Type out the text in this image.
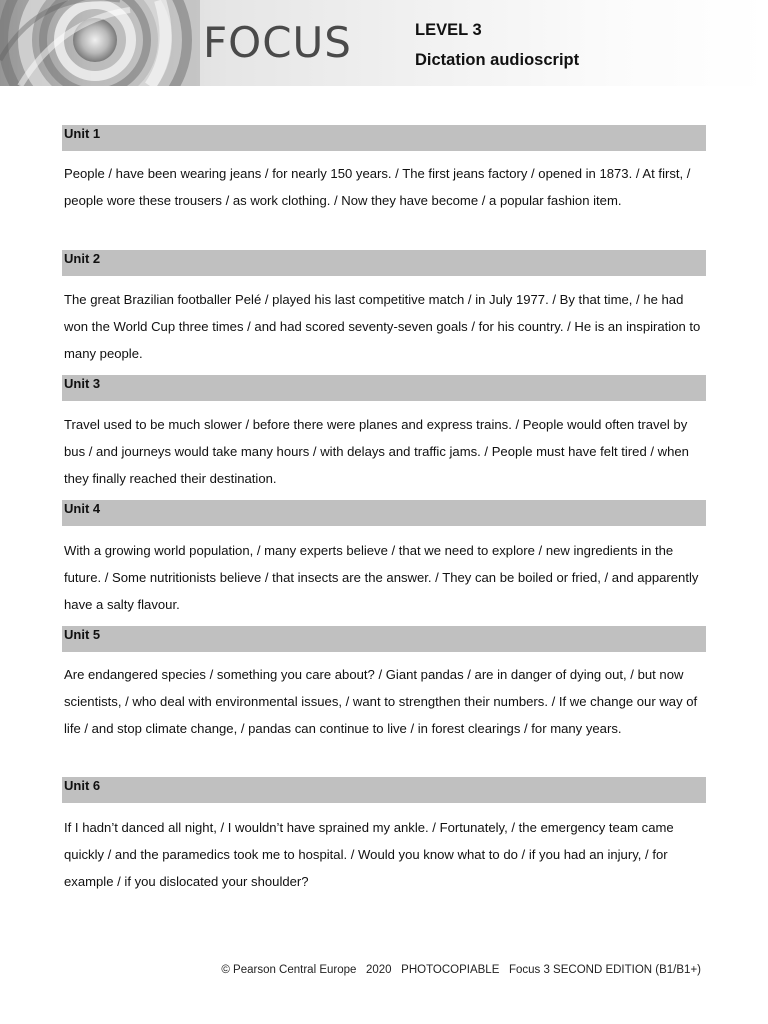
FOCUS	LEVEL 3
Dictation audioscript
Unit 1
People / have been wearing jeans / for nearly 150 years. / The first jeans factory / opened in 1873. / At first, / people wore these trousers / as work clothing. / Now they have become / a popular fashion item.
Unit 2
The great Brazilian footballer Pelé / played his last competitive match / in July 1977. / By that time, / he had won the World Cup three times / and had scored seventy-seven goals / for his country. / He is an inspiration to many people.
Unit 3
Travel used to be much slower / before there were planes and express trains. / People would often travel by bus / and journeys would take many hours / with delays and traffic jams. / People must have felt tired / when they finally reached their destination.
Unit 4
With a growing world population, / many experts believe / that we need to explore / new ingredients in the future. / Some nutritionists believe / that insects are the answer. / They can be boiled or fried, / and apparently have a salty flavour.
Unit 5
Are endangered species / something you care about? / Giant pandas / are in danger of dying out, / but now scientists, / who deal with environmental issues, / want to strengthen their numbers. / If we change our way of life / and stop climate change, / pandas can continue to live / in forest clearings / for many years.
Unit 6
If I hadn’t danced all night, / I wouldn’t have sprained my ankle. / Fortunately, / the emergency team came quickly / and the paramedics took me to hospital. / Would you know what to do / if you had an injury, / for example / if you dislocated your shoulder?
© Pearson Central Europe   2020   PHOTOCOPIABLE   Focus 3 SECOND EDITION (B1/B1+)
